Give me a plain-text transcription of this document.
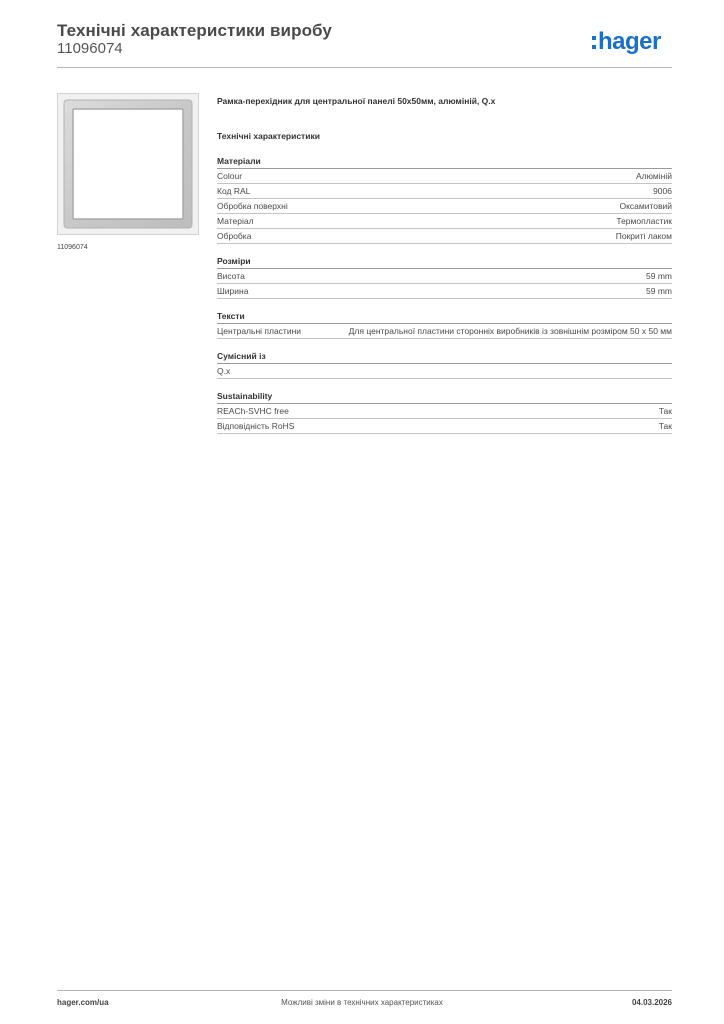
Технічні характеристики виробу
11096074	hager
11096074
Рамка-перехідник для центральної панелі 50x50мм, алюміній, Q.x
Технічні характеристики
Матеріали
Colour	Алюміній
Код RAL	9006
Обробка поверхні	Оксамитовий
Матеріал	Термопластик
Обробка	Покриті лаком
Розміри
Висота	59 mm
Ширина	59 mm
Тексти
Центральні пластини	Для центральної пластини сторонніх виробників із зовнішнім розміром 50 x 50 мм
Сумісний із
Q.x
Sustainability
REACh-SVHC free	Так
Відповідність RoHS	Так
hager.com/ua	Можливі зміни в технічних характеристиках	04.03.2026
